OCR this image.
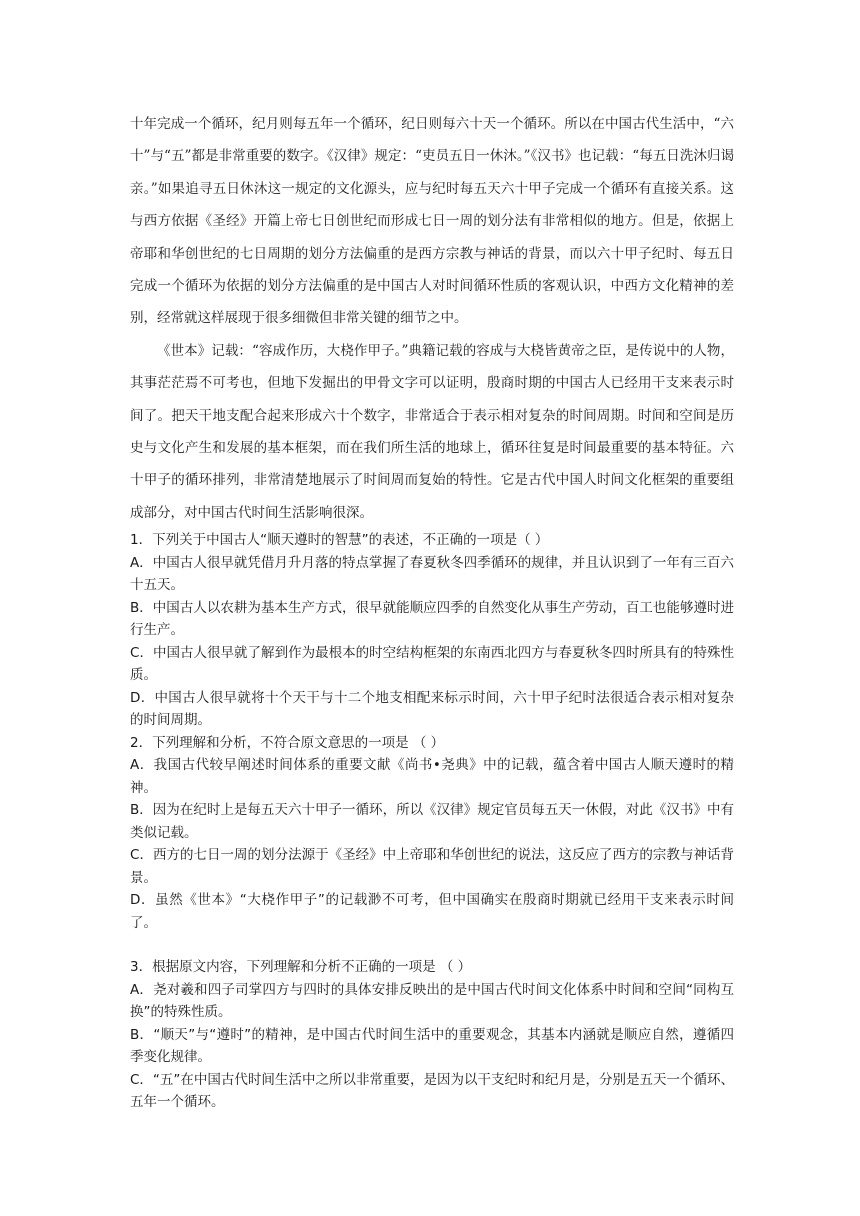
十年完成一个循环，纪月则每五年一个循环，纪日则每六十天一个循环。所以在中国古代生活中，“六十”与“五”都是非常重要的数字。《汉律》规定：“吏员五日一休沐。”《汉书》也记载：“每五日洗沐归谒亲。”如果追寻五日休沐这一规定的文化源头，应与纪时每五天六十甲子完成一个循环有直接关系。这与西方依据《圣经》开篇上帝七日创世纪而形成七日一周的划分法有非常相似的地方。但是，依据上帝耶和华创世纪的七日周期的划分方法偏重的是西方宗教与神话的背景，而以六十甲子纪时、每五日完成一个循环为依据的划分方法偏重的是中国古人对时间循环性质的客观认识，中西方文化精神的差别，经常就这样展现于很多细微但非常关键的细节之中。

《世本》记载：“容成作历，大桡作甲子。”典籍记载的容成与大桡皆黄帝之臣，是传说中的人物，其事茫茫焉不可考也，但地下发掘出的甲骨文字可以证明，殷商时期的中国古人已经用干支来表示时间了。把天干地支配合起来形成六十个数字，非常适合于表示相对复杂的时间周期。时间和空间是历史与文化产生和发展的基本框架，而在我们所生活的地球上，循环往复是时间最重要的基本特征。六十甲子的循环排列，非常清楚地展示了时间周而复始的特性。它是古代中国人时间文化框架的重要组成部分，对中国古代时间生活影响很深。

1．下列关于中国古人“顺天遵时的智慧”的表述，不正确的一项是（ ）

A．中国古人很早就凭借月升月落的特点掌握了春夏秋冬四季循环的规律，并且认识到了一年有三百六十五天。

B．中国古人以农耕为基本生产方式，很早就能顺应四季的自然变化从事生产劳动，百工也能够遵时进行生产。

C．中国古人很早就了解到作为最根本的时空结构框架的东南西北四方与春夏秋冬四时所具有的特殊性质。

D．中国古人很早就将十个天干与十二个地支相配来标示时间，六十甲子纪时法很适合表示相对复杂的时间周期。

2．下列理解和分析，不符合原文意思的一项是 （ ）

A．我国古代较早阐述时间体系的重要文献《尚书•尧典》中的记载，蕴含着中国古人顺天遵时的精神。

B．因为在纪时上是每五天六十甲子一循环，所以《汉律》规定官员每五天一休假，对此《汉书》中有类似记载。

C．西方的七日一周的划分法源于《圣经》中上帝耶和华创世纪的说法，这反应了西方的宗教与神话背景。

D．虽然《世本》“大桡作甲子”的记载渺不可考，但中国确实在殷商时期就已经用干支来表示时间了。

3．根据原文内容，下列理解和分析不正确的一项是 （ ）

A．尧对羲和四子司掌四方与四时的具体安排反映出的是中国古代时间文化体系中时间和空间“同构互换”的特殊性质。

B．“顺天”与“遵时”的精神，是中国古代时间生活中的重要观念，其基本内涵就是顺应自然，遵循四季变化规律。

C．“五”在中国古代时间生活中之所以非常重要，是因为以干支纪时和纪月是，分别是五天一个循环、五年一个循环。
